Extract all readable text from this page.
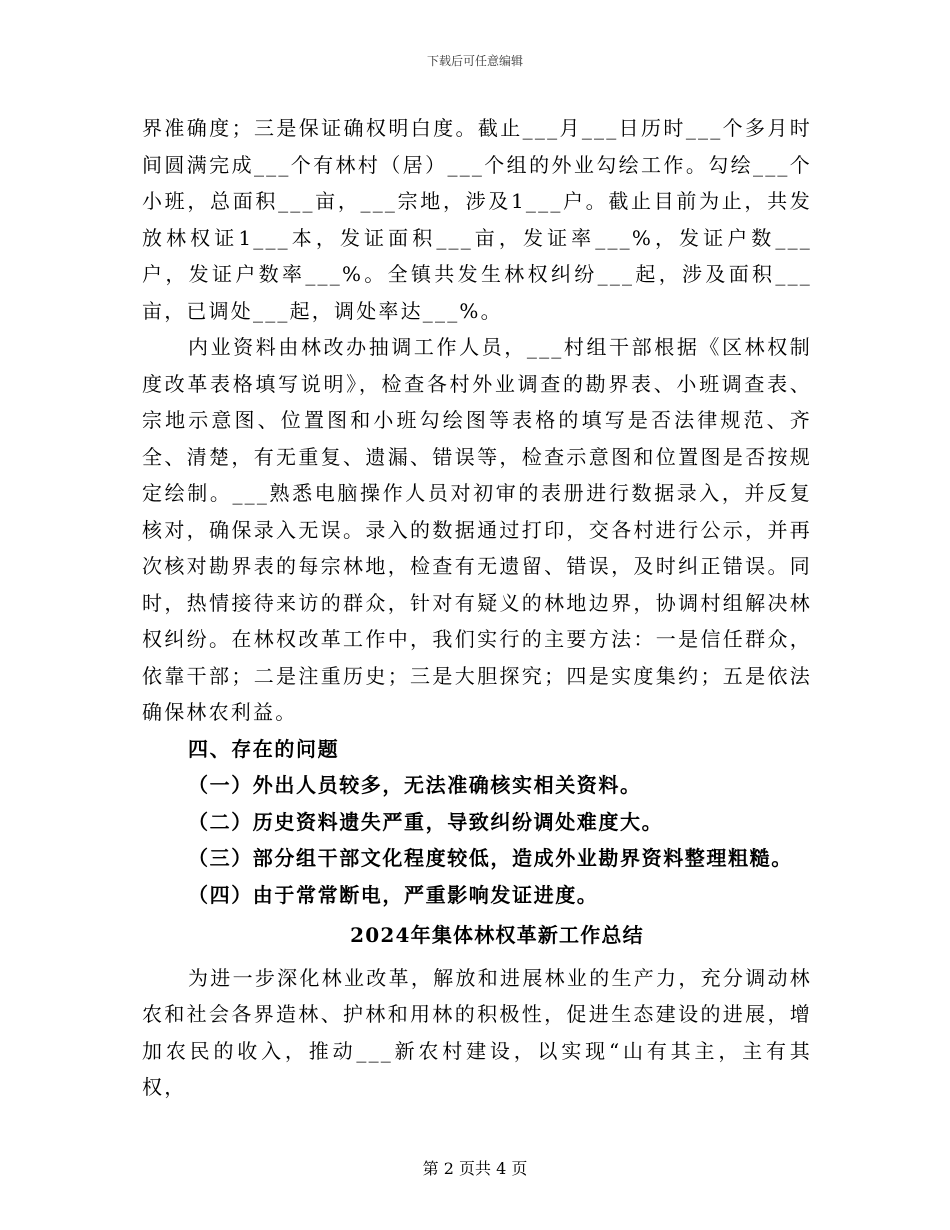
下载后可任意编辑

界准确度；三是保证确权明白度。截止___月___日历时___个多月时间圆满完成___个有林村（居）___个组的外业勾绘工作。勾绘___个小班，总面积___亩，___宗地，涉及1___户。截止目前为止，共发放林权证1___本，发证面积___亩，发证率___%，发证户数___户，发证户数率___%。全镇共发生林权纠纷___起，涉及面积___亩，已调处___起，调处率达___%。

内业资料由林改办抽调工作人员，___村组干部根据《区林权制度改革表格填写说明》，检查各村外业调查的勘界表、小班调查表、宗地示意图、位置图和小班勾绘图等表格的填写是否法律规范、齐全、清楚，有无重复、遗漏、错误等，检查示意图和位置图是否按规定绘制。___熟悉电脑操作人员对初审的表册进行数据录入，并反复核对，确保录入无误。录入的数据通过打印，交各村进行公示，并再次核对勘界表的每宗林地，检查有无遗留、错误，及时纠正错误。同时，热情接待来访的群众，针对有疑义的林地边界，协调村组解决林权纠纷。在林权改革工作中，我们实行的主要方法：一是信任群众，依靠干部；二是注重历史；三是大胆探究；四是实度集约；五是依法确保林农利益。

四、存在的问题

（一）外出人员较多，无法准确核实相关资料。

（二）历史资料遗失严重，导致纠纷调处难度大。

（三）部分组干部文化程度较低，造成外业勘界资料整理粗糙。

（四）由于常常断电，严重影响发证进度。

2024年集体林权革新工作总结

为进一步深化林业改革，解放和进展林业的生产力，充分调动林农和社会各界造林、护林和用林的积极性，促进生态建设的进展，增加农民的收入，推动___新农村建设，以实现“山有其主，主有其权，

第 2 页共 4 页
